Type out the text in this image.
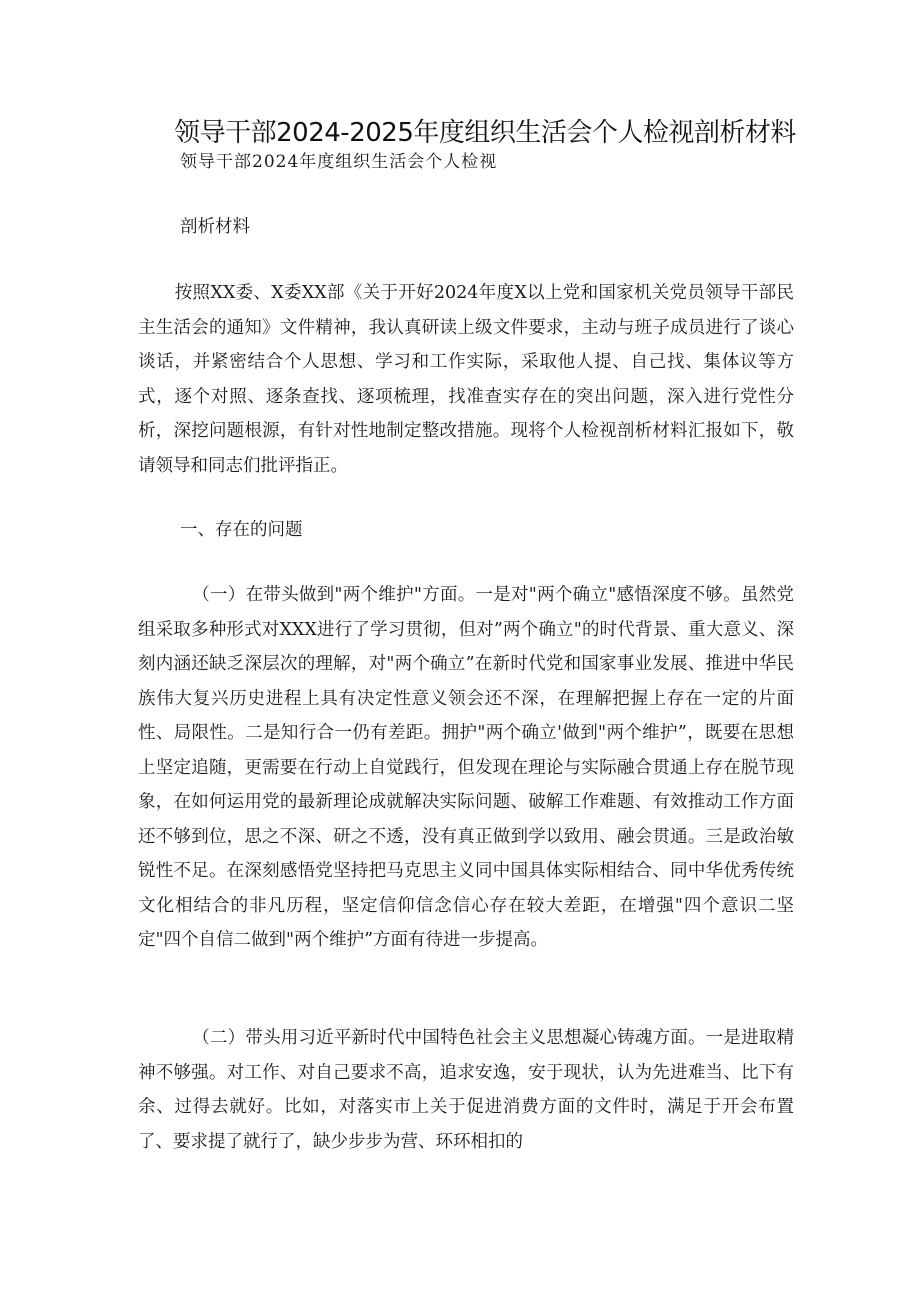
领导干部2024-2025年度组织生活会个人检视剖析材料

领导干部2024年度组织生活会个人检视

剖析材料

按照XX委、X委XX部《关于开好2024年度X以上党和国家机关党员领导干部民主生活会的通知》文件精神，我认真研读上级文件要求，主动与班子成员进行了谈心谈话，并紧密结合个人思想、学习和工作实际，采取他人提、自己找、集体议等方式，逐个对照、逐条查找、逐项梳理，找准查实存在的突出问题，深入进行党性分析，深挖问题根源，有针对性地制定整改措施。现将个人检视剖析材料汇报如下，敬请领导和同志们批评指正。

一、存在的问题

（一）在带头做到"两个维护"方面。一是对"两个确立"感悟深度不够。虽然党组采取多种形式对XXX进行了学习贯彻，但对”两个确立"的时代背景、重大意义、深刻内涵还缺乏深层次的理解，对"两个确立”在新时代党和国家事业发展、推进中华民族伟大复兴历史进程上具有决定性意义领会还不深，在理解把握上存在一定的片面性、局限性。二是知行合一仍有差距。拥护"两个确立'做到"两个维护”，既要在思想上坚定追随，更需要在行动上自觉践行，但发现在理论与实际融合贯通上存在脱节现象，在如何运用党的最新理论成就解决实际问题、破解工作难题、有效推动工作方面还不够到位，思之不深、研之不透，没有真正做到学以致用、融会贯通。三是政治敏锐性不足。在深刻感悟党坚持把马克思主义同中国具体实际相结合、同中华优秀传统文化相结合的非凡历程，坚定信仰信念信心存在较大差距，在增强"四个意识二坚定"四个自信二做到"两个维护”方面有待进一步提高。

（二）带头用习近平新时代中国特色社会主义思想凝心铸魂方面。一是进取精神不够强。对工作、对自己要求不高，追求安逸，安于现状，认为先进难当、比下有余、过得去就好。比如，对落实市上关于促进消费方面的文件时，满足于开会布置了、要求提了就行了，缺少步步为营、环环相扣的
